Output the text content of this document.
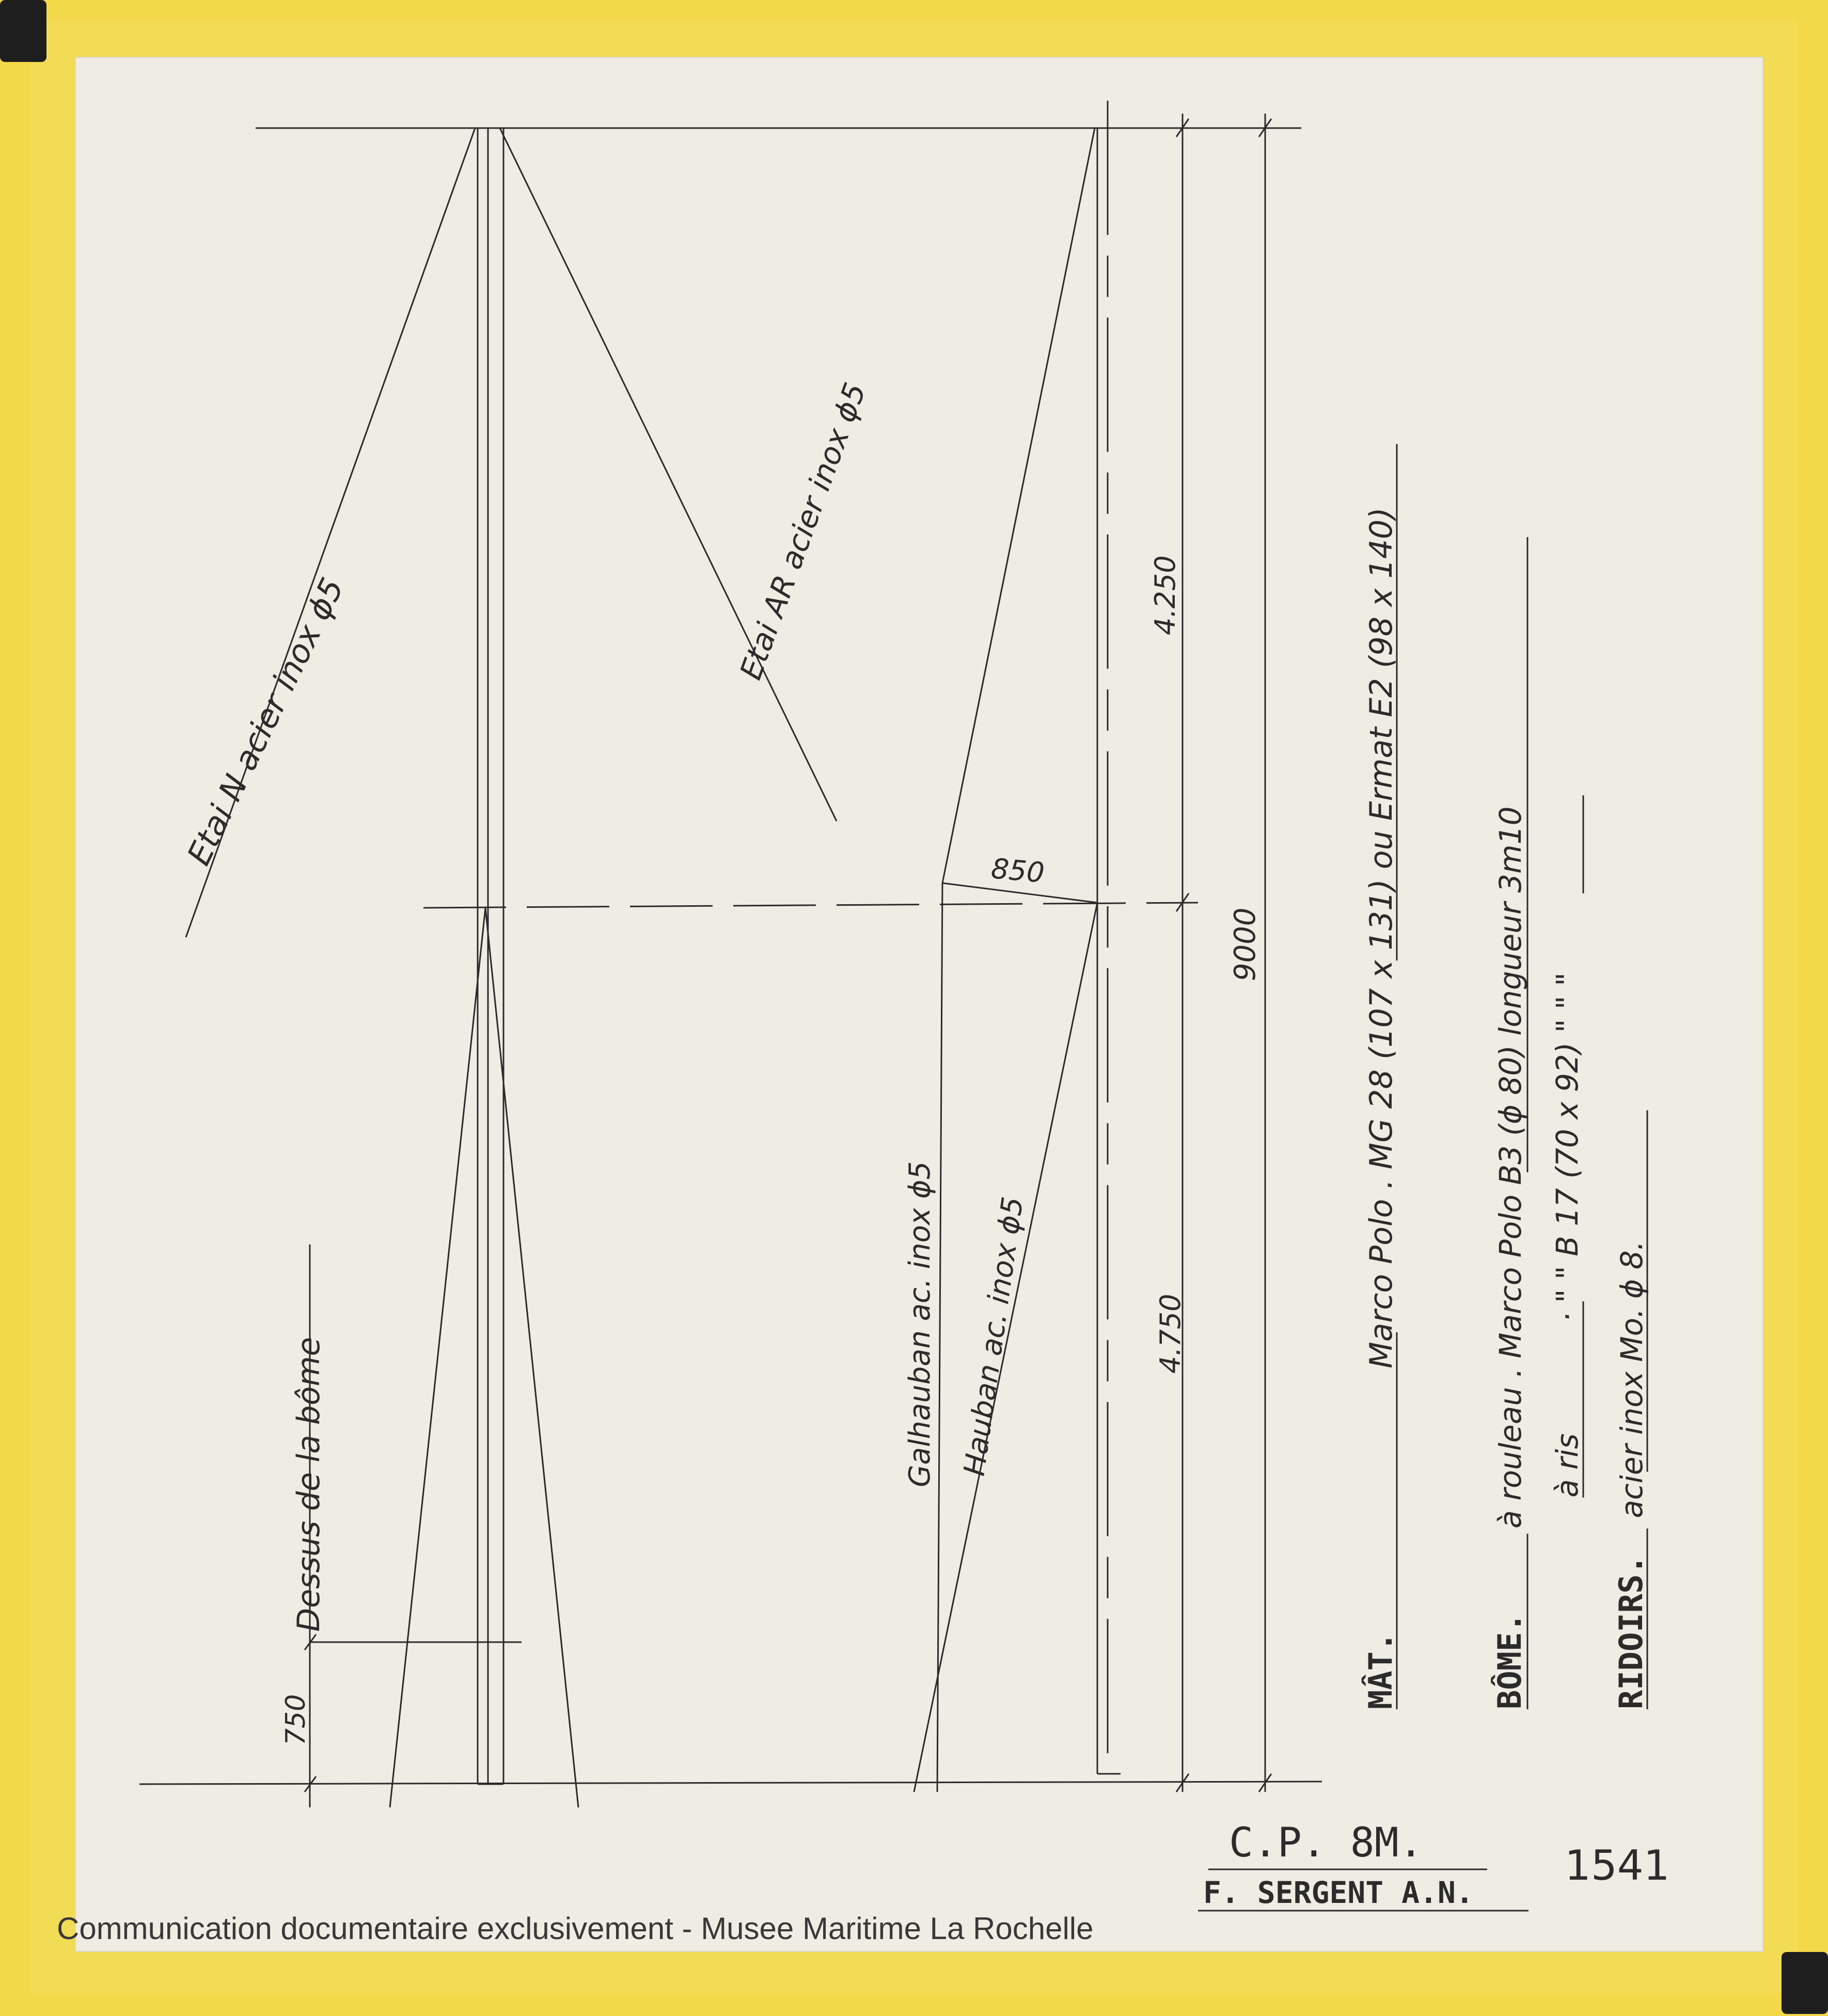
Etai N acier inox ϕ5
Etai AR acier inox ϕ5
Galhauban ac. inox ϕ5 Hauban ac. inox ϕ5
Dessus de la bôme
750
850
4.250
4.750
9000
MÂT.
Marco Polo . MG 28 (107 x 131) ou Ermat E2 (98 x 140)
BÔME.
à rouleau . Marco Polo B3 (ϕ 80) longueur 3m10 à ris
· " " B 17 (70 x 92) " " "
RIDOIRS.
acier inox Mo. ϕ 8.
C.P. 8M.
F. SERGENT A.N.
1541
Communication documentaire exclusivement - Musee Maritime La Rochelle
